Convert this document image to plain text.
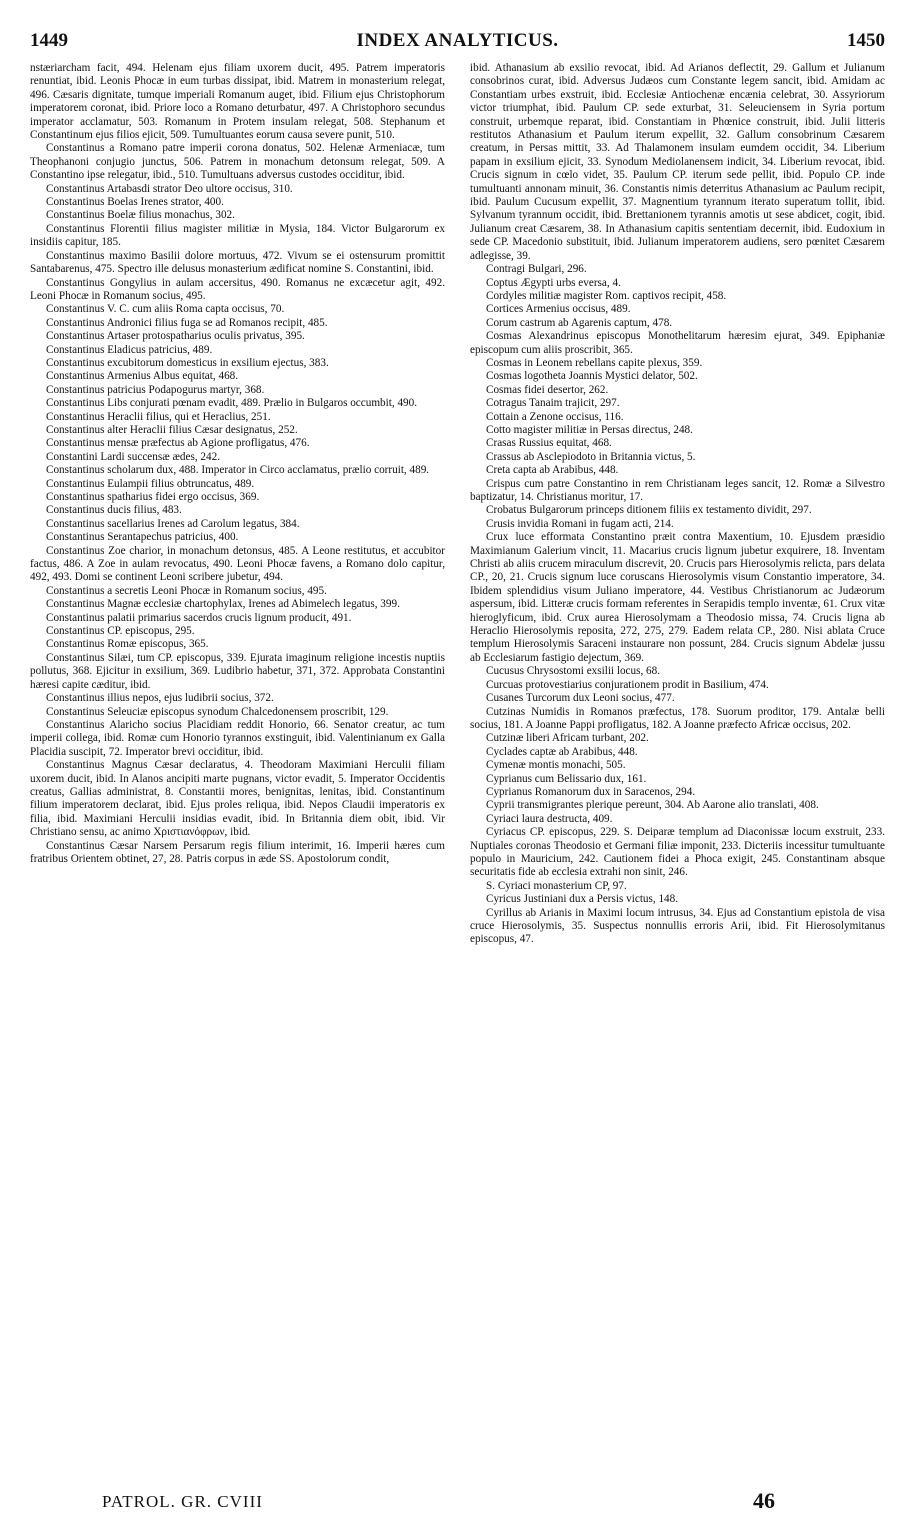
1449	INDEX ANALYTICUS.	1450

nstæriarcham facit, 494. Helenam ejus filiam uxorem ducit, 495. Patrem imperatoris renuntiat, ibid. Leonis Phocæ in eum turbas dissipat, ibid. Matrem in monasterium relegat, 496. Cæsaris dignitate, tumque imperiali Romanum auget, ibid. Filium ejus Christophorum imperatorem coronat, ibid. Priore loco a Romano deturbatur, 497. A Christophoro secundus imperator acclamatur, 503. Romanum in Protem insulam relegat, 508. Stephanum et Constantinum ejus filios ejicit, 509. Tumultuantes eorum causa severe punit, 510.

Constantinus a Romano patre imperii corona donatus, 502. Helenæ Armeniacæ, tum Theophanoni conjugio junctus, 506. Patrem in monachum detonsum relegat, 509. A Constantino ipse relegatur, ibid., 510. Tumultuans adversus custodes occiditur, ibid.

Constantinus Artabasdi strator Deo ultore occisus, 310.

Constantinus Boelas Irenes strator, 400.

Constantinus Boelæ filius monachus, 302.

Constantinus Florentii filius magister militiæ in Mysia, 184. Victor Bulgarorum ex insidiis capitur, 185.

Constantinus maximo Basilii dolore mortuus, 472. Vivum se ei ostensurum promittit Santabarenus, 475. Spectro ille delusus monasterium ædificat nomine S. Constantini, ibid.

Constantinus Gongylius in aulam accersitus, 490. Romanus ne excæcetur agit, 492. Leoni Phocæ in Romanum socius, 495.

Constantinus V. C. cum aliis Roma capta occisus, 70.

Constantinus Andronici filius fuga se ad Romanos recipit, 485.

Constantinus Artaser protospatharius oculis privatus, 395.

Constantinus Eladicus patricius, 489.

Constantinus excubitorum domesticus in exsilium ejectus, 383.

Constantinus Armenius Albus equitat, 468.

Constantinus patricius Podapogurus martyr, 368.

Constantinus Libs conjurati pœnam evadit, 489. Prælio in Bulgaros occumbit, 490.

Constantinus Heraclii filius, qui et Heraclius, 251.

Constantinus alter Heraclii filius Cæsar designatus, 252.

Constantinus mensæ præfectus ab Agione profligatus, 476.

Constantini Lardi succensæ ædes, 242.

Constantinus scholarum dux, 488. Imperator in Circo acclamatus, prælio corruit, 489.

Constantinus Eulampii filius obtruncatus, 489.

Constantinus spatharius fidei ergo occisus, 369.

Constantinus ducis filius, 483.

Constantinus sacellarius Irenes ad Carolum legatus, 384.

Constantinus Serantapechus patricius, 400.

Constantinus Zoe charior, in monachum detonsus, 485. A Leone restitutus, et accubitor factus, 486. A Zoe in aulam revocatus, 490. Leoni Phocæ favens, a Romano dolo capitur, 492, 493. Domi se continent Leoni scribere jubetur, 494.

Constantinus a secretis Leoni Phocæ in Romanum socius, 495.

Constantinus Magnæ ecclesiæ chartophylax, Irenes ad Abimelech legatus, 399.

Constantinus palatii primarius sacerdos crucis lignum producit, 491.

Constantinus CP. episcopus, 295.

Constantinus Romæ episcopus, 365.

Constantinus Silæi, tum CP. episcopus, 339. Ejurata imaginum religione incestis nuptiis pollutus, 368. Ejicitur in exsilium, 369. Ludibrio habetur, 371, 372. Approbata Constantini hæresi capite cæditur, ibid.

Constantinus illius nepos, ejus ludibrii socius, 372.

Constantinus Seleuciæ episcopus synodum Chalcedonensem proscribit, 129.

Constantinus Alaricho socius Placidiam reddit Honorio, 66. Senator creatur, ac tum imperii collega, ibid. Romæ cum Honorio tyrannos exstinguit, ibid. Valentinianum ex Galla Placidia suscipit, 72. Imperator brevi occiditur, ibid.

Constantinus Magnus Cæsar declaratus, 4. Theodoram Maximiani Herculii filiam uxorem ducit, ibid. In Alanos ancipiti marte pugnans, victor evadit, 5. Imperator Occidentis creatus, Gallias administrat, 8. Constantii mores, benignitas, lenitas, ibid. Constantinum filium imperatorem declarat, ibid. Ejus proles reliqua, ibid. Nepos Claudii imperatoris ex filia, ibid. Maximiani Herculii insidias evadit, ibid. In Britannia diem obit, ibid. Vir Christiano sensu, ac animo Χριστιανόφρων, ibid.

Constantinus Cæsar Narsem Persarum regis filium interimit, 16. Imperii hæres cum fratribus Orientem obtinet, 27, 28. Patris corpus in æde SS. Apostolorum condit,

ibid. Athanasium ab exsilio revocat, ibid. Ad Arianos deflectit, 29. Gallum et Julianum consobrinos curat, ibid. Adversus Judæos cum Constante legem sancit, ibid. Amidam ac Constantiam urbes exstruit, ibid. Ecclesiæ Antiochenæ encænia celebrat, 30. Assyriorum victor triumphat, ibid. Paulum CP. sede exturbat, 31. Seleuciensem in Syria portum construit, urbemque reparat, ibid. Constantiam in Phœnice construit, ibid. Julii litteris restitutos Athanasium et Paulum iterum expellit, 32. Gallum consobrinum Cæsarem creatum, in Persas mittit, 33. Ad Thalamonem insulam eumdem occidit, 34. Liberium papam in exsilium ejicit, 33. Synodum Mediolanensem indicit, 34. Liberium revocat, ibid. Crucis signum in cœlo videt, 35. Paulum CP. iterum sede pellit, ibid. Populo CP. inde tumultuanti annonam minuit, 36. Constantis nimis deterritus Athanasium ac Paulum recipit, ibid. Paulum Cucusum expellit, 37. Magnentium tyrannum iterato superatum tollit, ibid. Sylvanum tyrannum occidit, ibid. Brettanionem tyrannis amotis ut sese abdicet, cogit, ibid. Julianum creat Cæsarem, 38. In Athanasium capitis sententiam decernit, ibid. Eudoxium in sede CP. Macedonio substituit, ibid. Julianum imperatorem audiens, sero pœnitet Cæsarem adlegisse, 39.

Contragi Bulgari, 296.

Coptus Ægypti urbs eversa, 4.

Cordyles militiæ magister Rom. captivos recipit, 458.

Cortices Armenius occisus, 489.

Corum castrum ab Agarenis captum, 478.

Cosmas Alexandrinus episcopus Monothelitarum hæresim ejurat, 349. Epiphaniæ episcopum cum aliis proscribit, 365.

Cosmas in Leonem rebellans capite plexus, 359.

Cosmas logotheta Joannis Mystici delator, 502.

Cosmas fidei desertor, 262.

Cotragus Tanaim trajicit, 297.

Cottain a Zenone occisus, 116.

Cotto magister militiæ in Persas directus, 248.

Crasas Russius equitat, 468.

Crassus ab Asclepiodoto in Britannia victus, 5.

Creta capta ab Arabibus, 448.

Crispus cum patre Constantino in rem Christianam leges sancit, 12. Romæ a Silvestro baptizatur, 14. Christianus moritur, 17.

Crobatus Bulgarorum princeps ditionem filiis ex testamento dividit, 297.

Crusis invidia Romani in fugam acti, 214.

Crux luce efformata Constantino præit contra Maxentium, 10. Ejusdem præsidio Maximianum Galerium vincit, 11. Macarius crucis lignum jubetur exquirere, 18. Inventam Christi ab aliis crucem miraculum discrevit, 20. Crucis pars Hierosolymis relicta, pars delata CP., 20, 21. Crucis signum luce coruscans Hierosolymis visum Constantio imperatore, 34. Ibidem splendidius visum Juliano imperatore, 44. Vestibus Christianorum ac Judæorum aspersum, ibid. Litteræ crucis formam referentes in Serapidis templo inventæ, 61. Crux vitæ hieroglyficum, ibid. Crux aurea Hierosolymam a Theodosio missa, 74. Crucis ligna ab Heraclio Hierosolymis reposita, 272, 275, 279. Eadem relata CP., 280. Nisi ablata Cruce templum Hierosolymis Saraceni instaurare non possunt, 284. Crucis signum Abdelæ jussu ab Ecclesiarum fastigio dejectum, 369.

Cucusus Chrysostomi exsilii locus, 68.

Curcuas protovestiarius conjurationem prodit in Basilium, 474.

Cusanes Turcorum dux Leoni socius, 477.

Cutzinas Numidis in Romanos præfectus, 178. Suorum proditor, 179. Antalæ belli socius, 181. A Joanne Pappi profligatus, 182. A Joanne præfecto Africæ occisus, 202.

Cutzinæ liberi Africam turbant, 202.

Cyclades captæ ab Arabibus, 448.

Cymenæ montis monachi, 505.

Cyprianus cum Belissario dux, 161.

Cyprianus Romanorum dux in Saracenos, 294.

Cyprii transmigrantes plerique pereunt, 304. Ab Aarone alio translati, 408.

Cyriaci laura destructa, 409.

Cyriacus CP. episcopus, 229. S. Deiparæ templum ad Diaconissæ locum exstruit, 233. Nuptiales coronas Theodosio et Germani filiæ imponit, 233. Dicteriis incessitur tumultuante populo in Mauricium, 242. Cautionem fidei a Phoca exigit, 245. Constantinam absque securitatis fide ab ecclesia extrahi non sinit, 246.

S. Cyriaci monasterium CP, 97.

Cyricus Justiniani dux a Persis victus, 148.

Cyrillus ab Arianis in Maximi locum intrusus, 34. Ejus ad Constantium epistola de visa cruce Hierosolymis, 35. Suspectus nonnullis erroris Arii, ibid. Fit Hierosolymitanus episcopus, 47.

PATROL. GR. CVIII	46
